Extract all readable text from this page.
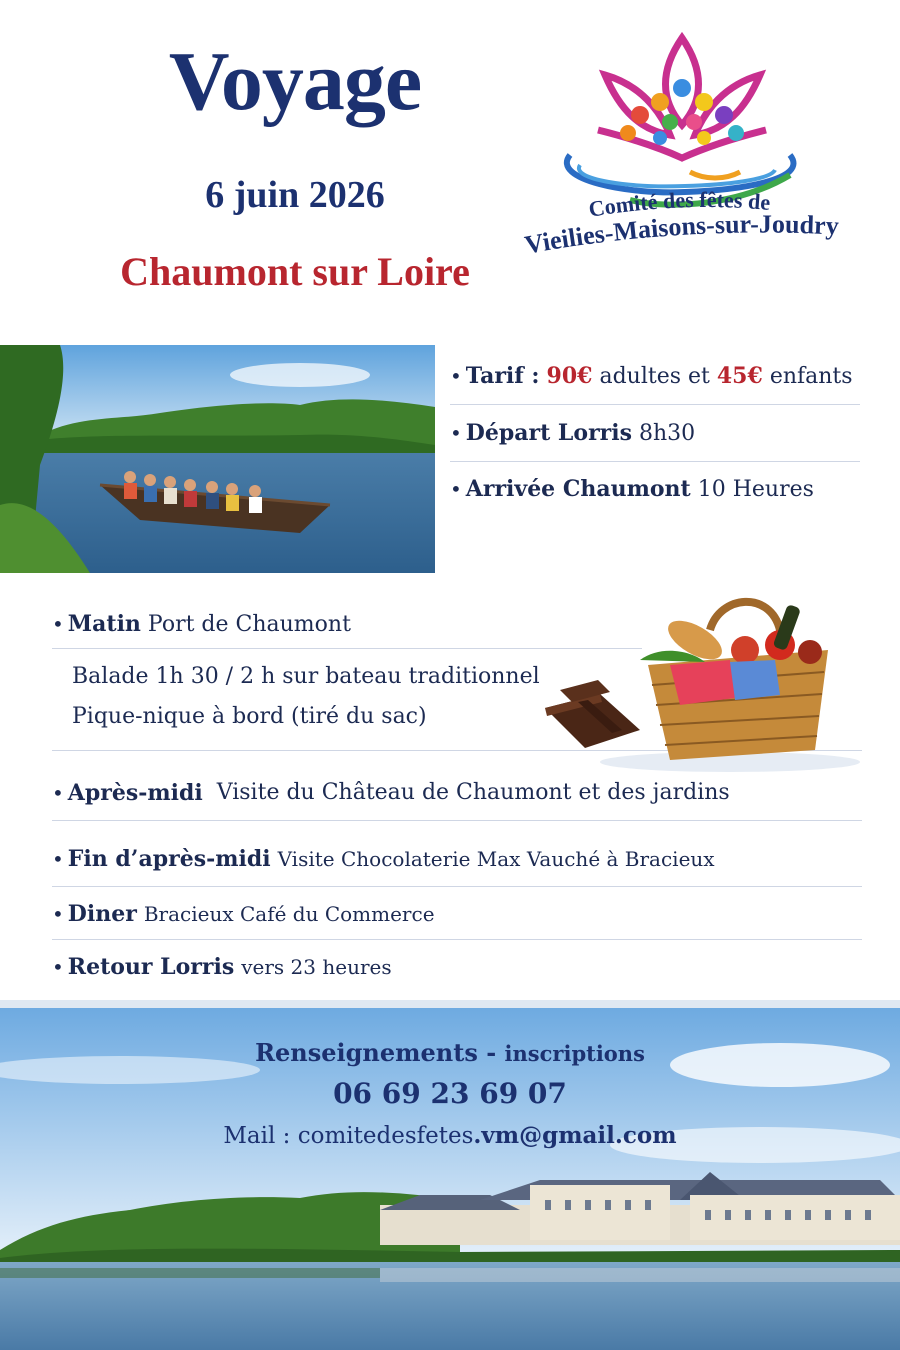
Voyage
6 juin 2026
Chaumont sur Loire
Comité des fêtes de
Vieilies-Maisons-sur-Joudry
• Tarif :
90€
adultes et
45€
enfants
• Départ Lorris
8h30
• Arrivée Chaumont
10 Heures
• Matin
Port de Chaumont
Balade 1h 30 / 2 h sur bateau traditionnel
Pique-nique à bord (tiré du sac)
• Après-midi
Visite du Château de Chaumont et des jardins
• Fin d’après-midi
Visite Chocolaterie Max Vauché à Bracieux
• Diner
Bracieux Café du Commerce
• Retour Lorris
vers 23 heures
Renseignements - inscriptions
06 69 23 69 07
Mail : comitedesfetes.vm@gmail.com
